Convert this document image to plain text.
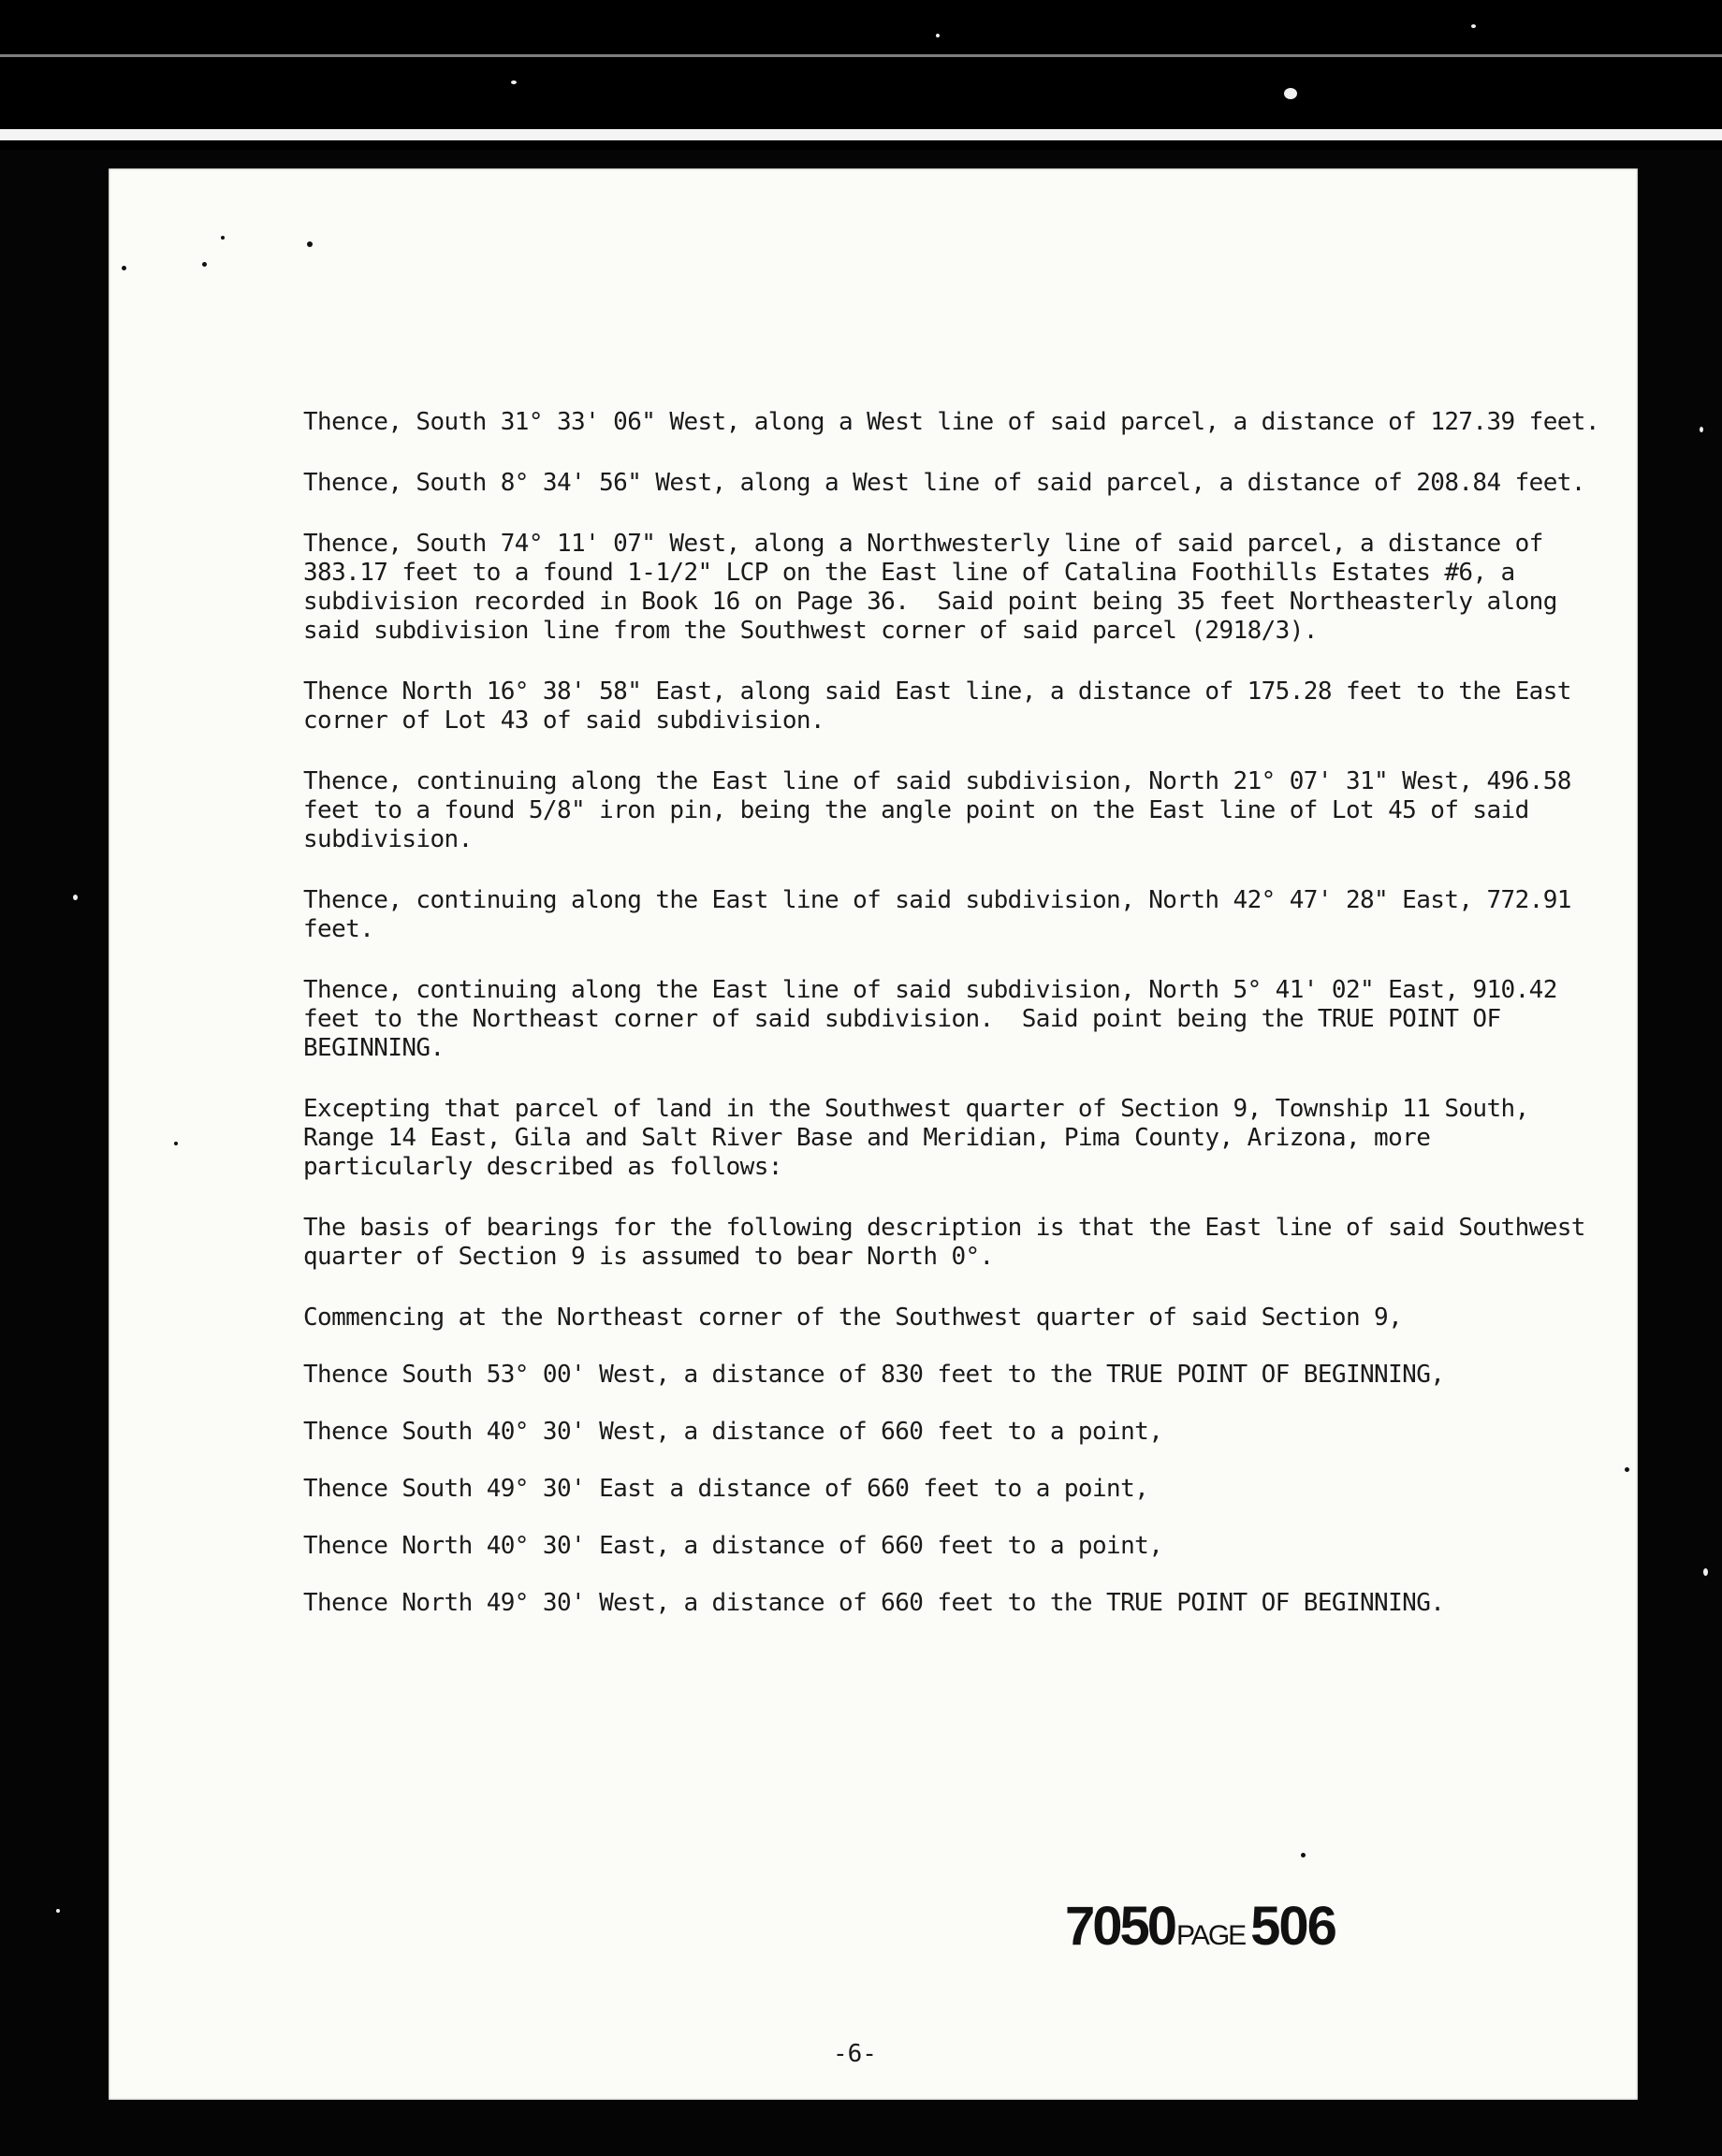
Thence, South 31° 33' 06" West, along a West line of said parcel, a distance of 127.39 feet.

Thence, South 8° 34' 56" West, along a West line of said parcel, a distance of 208.84 feet.

Thence, South 74° 11' 07" West, along a Northwesterly line of said parcel, a distance of 383.17 feet to a found 1-1/2" LCP on the East line of Catalina Foothills Estates #6, a subdivision recorded in Book 16 on Page 36.  Said point being 35 feet Northeasterly along said subdivision line from the Southwest corner of said parcel (2918/3).

Thence North 16° 38' 58" East, along said East line, a distance of 175.28 feet to the East corner of Lot 43 of said subdivision.

Thence, continuing along the East line of said subdivision, North 21° 07' 31" West, 496.58 feet to a found 5/8" iron pin, being the angle point on the East line of Lot 45 of said subdivision.

Thence, continuing along the East line of said subdivision, North 42° 47' 28" East, 772.91 feet.

Thence, continuing along the East line of said subdivision, North 5° 41' 02" East, 910.42 feet to the Northeast corner of said subdivision.  Said point being the TRUE POINT OF BEGINNING.

Excepting that parcel of land in the Southwest quarter of Section 9, Township 11 South, Range 14 East, Gila and Salt River Base and Meridian, Pima County, Arizona, more particularly described as follows:

The basis of bearings for the following description is that the East line of said Southwest quarter of Section 9 is assumed to bear North 0°.

Commencing at the Northeast corner of the Southwest quarter of said Section 9,

Thence South 53° 00' West, a distance of 830 feet to the TRUE POINT OF BEGINNING,

Thence South 40° 30' West, a distance of 660 feet to a point,

Thence South 49° 30' East a distance of 660 feet to a point,

Thence North 40° 30' East, a distance of 660 feet to a point,

Thence North 49° 30' West, a distance of 660 feet to the TRUE POINT OF BEGINNING.

7050PAGE 506
-6-
